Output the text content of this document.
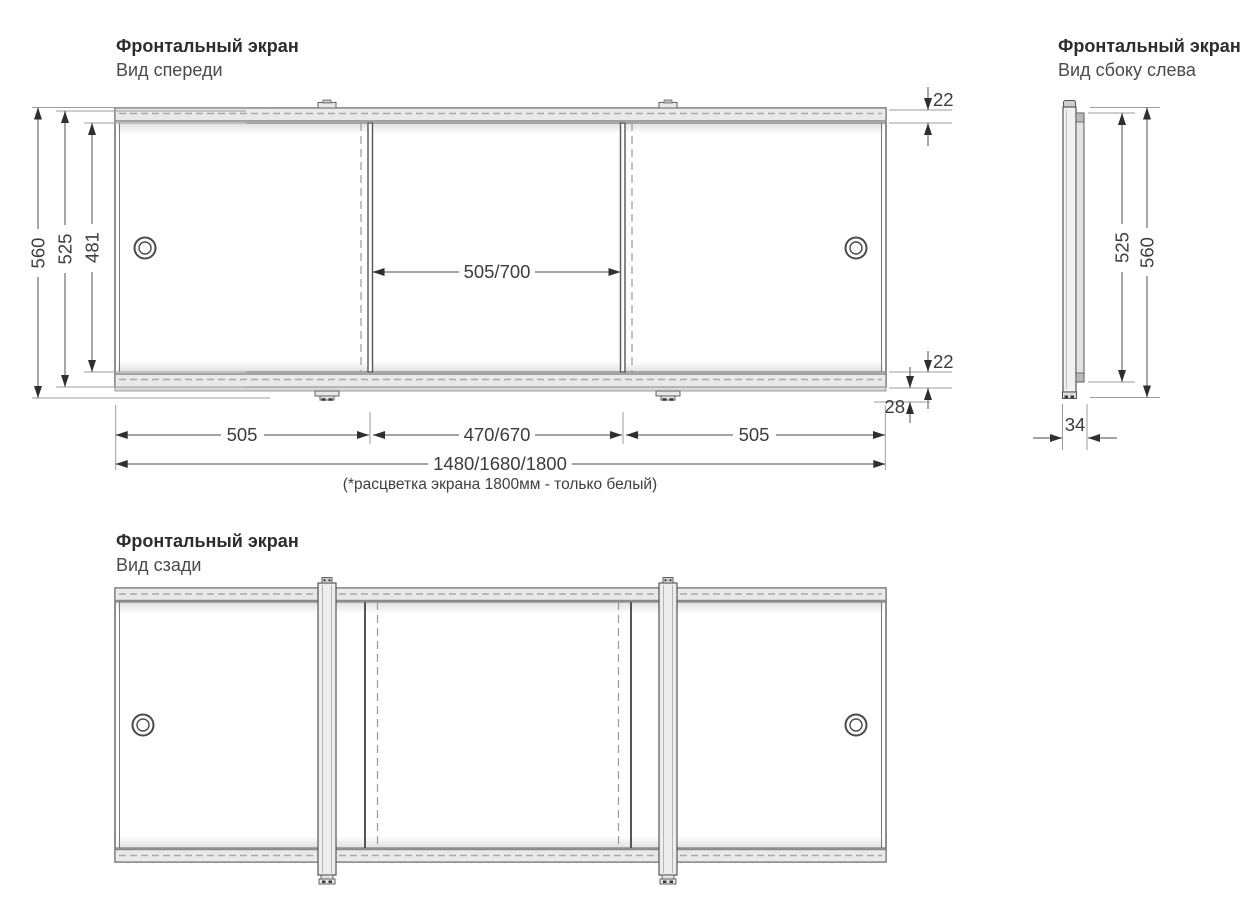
Фронтальный экран
Вид спереди
Фронтальный экран
Вид сбоку слева
Фронтальный экран
Вид сзади
560 525 481
505/700
22
22
28
505	470/670	505
1480/1680/1800
(*расцветка экрана 1800мм - только белый)
525 560
34
